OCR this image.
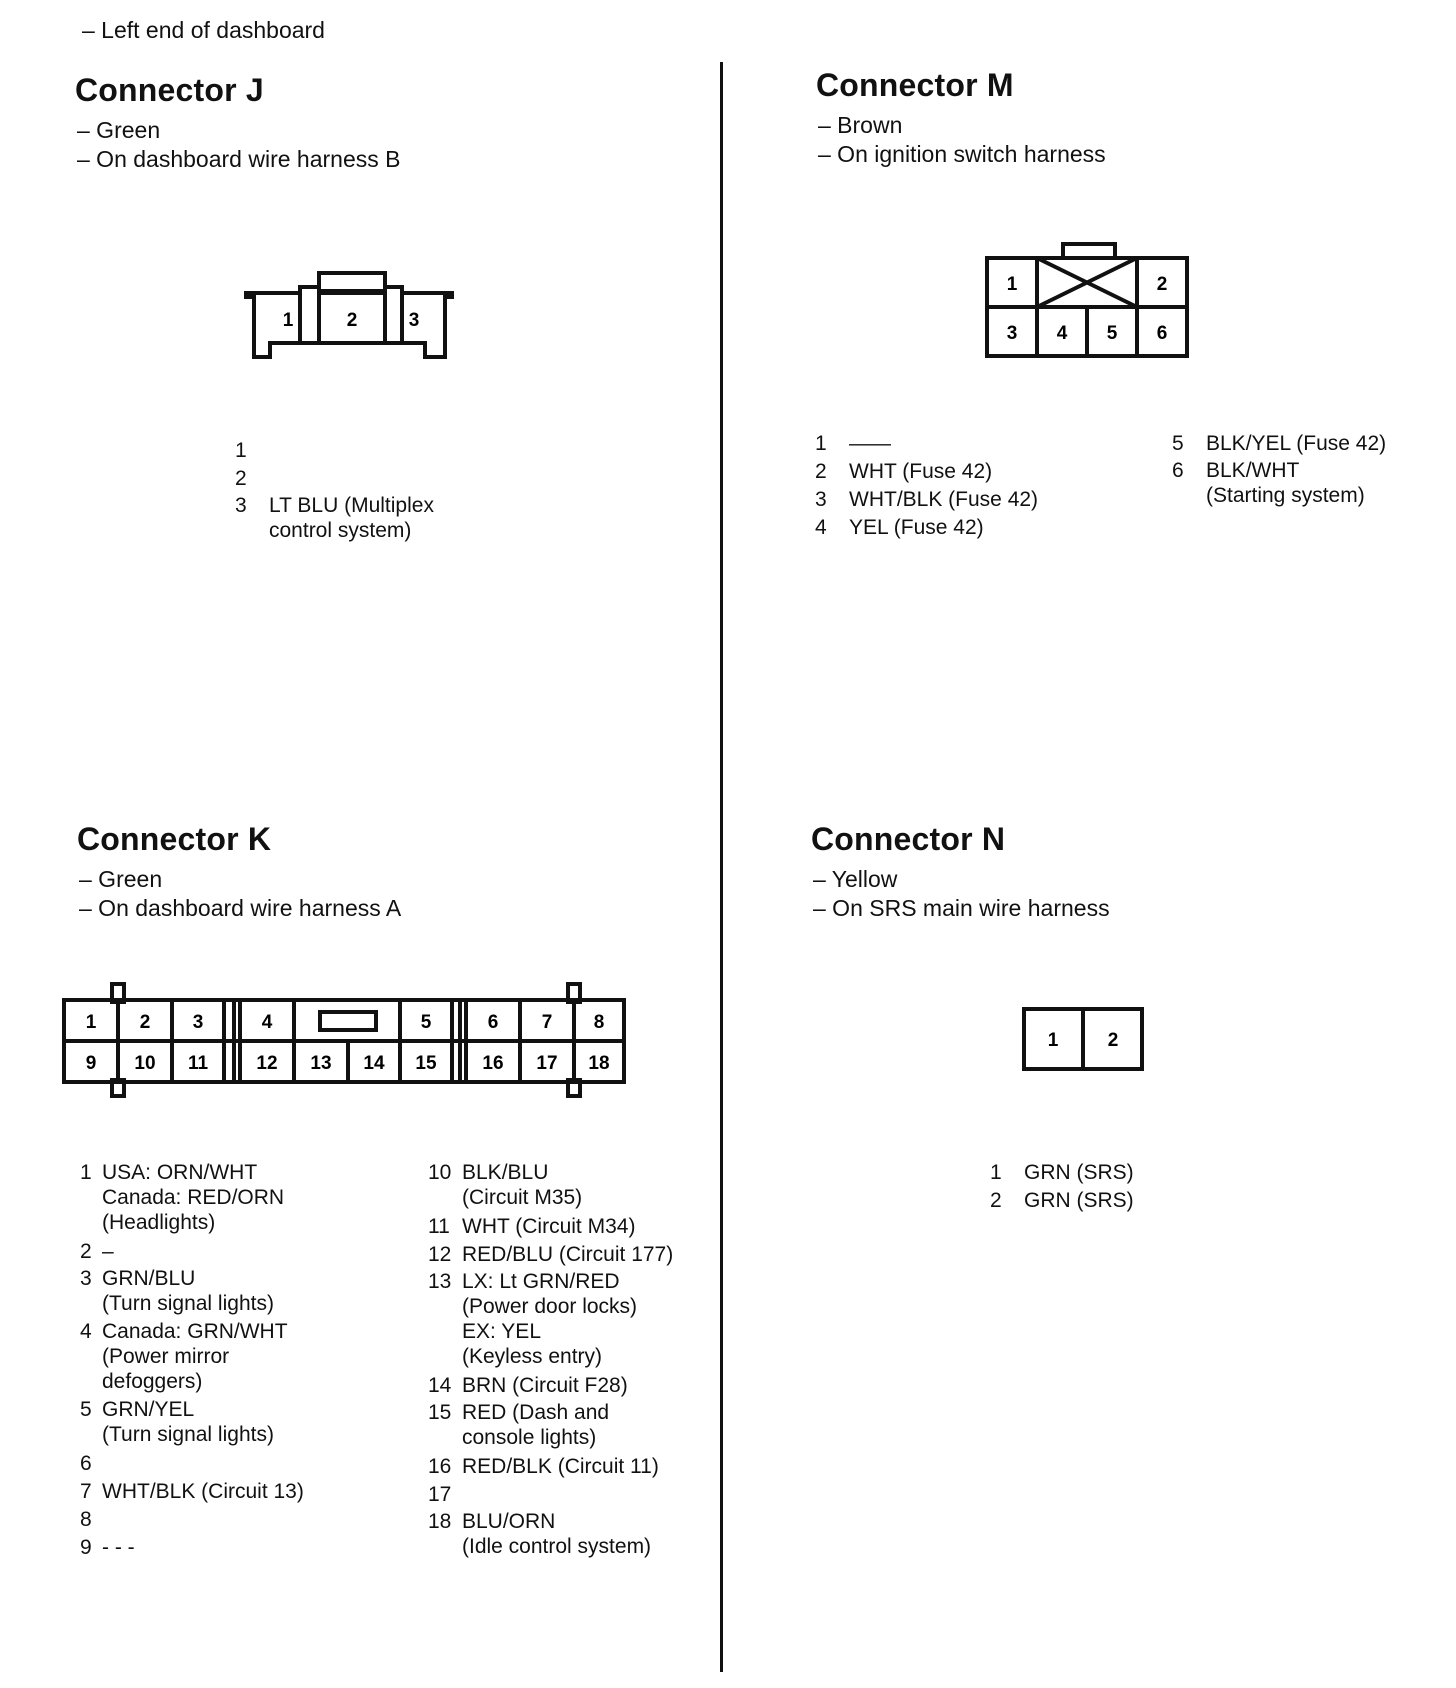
– Left end of dashboard
Connector J
– Green
– On dashboard wire harness B
1	2	3
1
2
3 LT BLU (Multiplex
control system)
Connector M
– Brown
– On ignition switch harness
1	2
3 4 5 6
1 ——
2 WHT (Fuse 42)
3 WHT/BLK (Fuse 42)
4 YEL (Fuse 42)
5 BLK/YEL (Fuse 42)
6 BLK/WHT
(Starting system)
Connector K
– Green
– On dashboard wire harness A
1 2 3	4	5	6 7 8
9 10 11	12 13 14 15 16 17 18
1 USA: ORN/WHT
Canada: RED/ORN
(Headlights)
2 –
3 GRN/BLU
(Turn signal lights)
4 Canada: GRN/WHT
(Power mirror
defoggers)
5 GRN/YEL
(Turn signal lights)
6
7 WHT/BLK (Circuit 13)
8
9 - - -
10 BLK/BLU
(Circuit M35)
11 WHT (Circuit M34)
12 RED/BLU (Circuit 177)
13 LX: Lt GRN/RED
(Power door locks)
EX: YEL
(Keyless entry)
14 BRN (Circuit F28)
15 RED (Dash and
console lights)
16 RED/BLK (Circuit 11)
17
18 BLU/ORN
(Idle control system)
Connector N
– Yellow
– On SRS main wire harness
1	2
1 GRN (SRS)
2 GRN (SRS)
